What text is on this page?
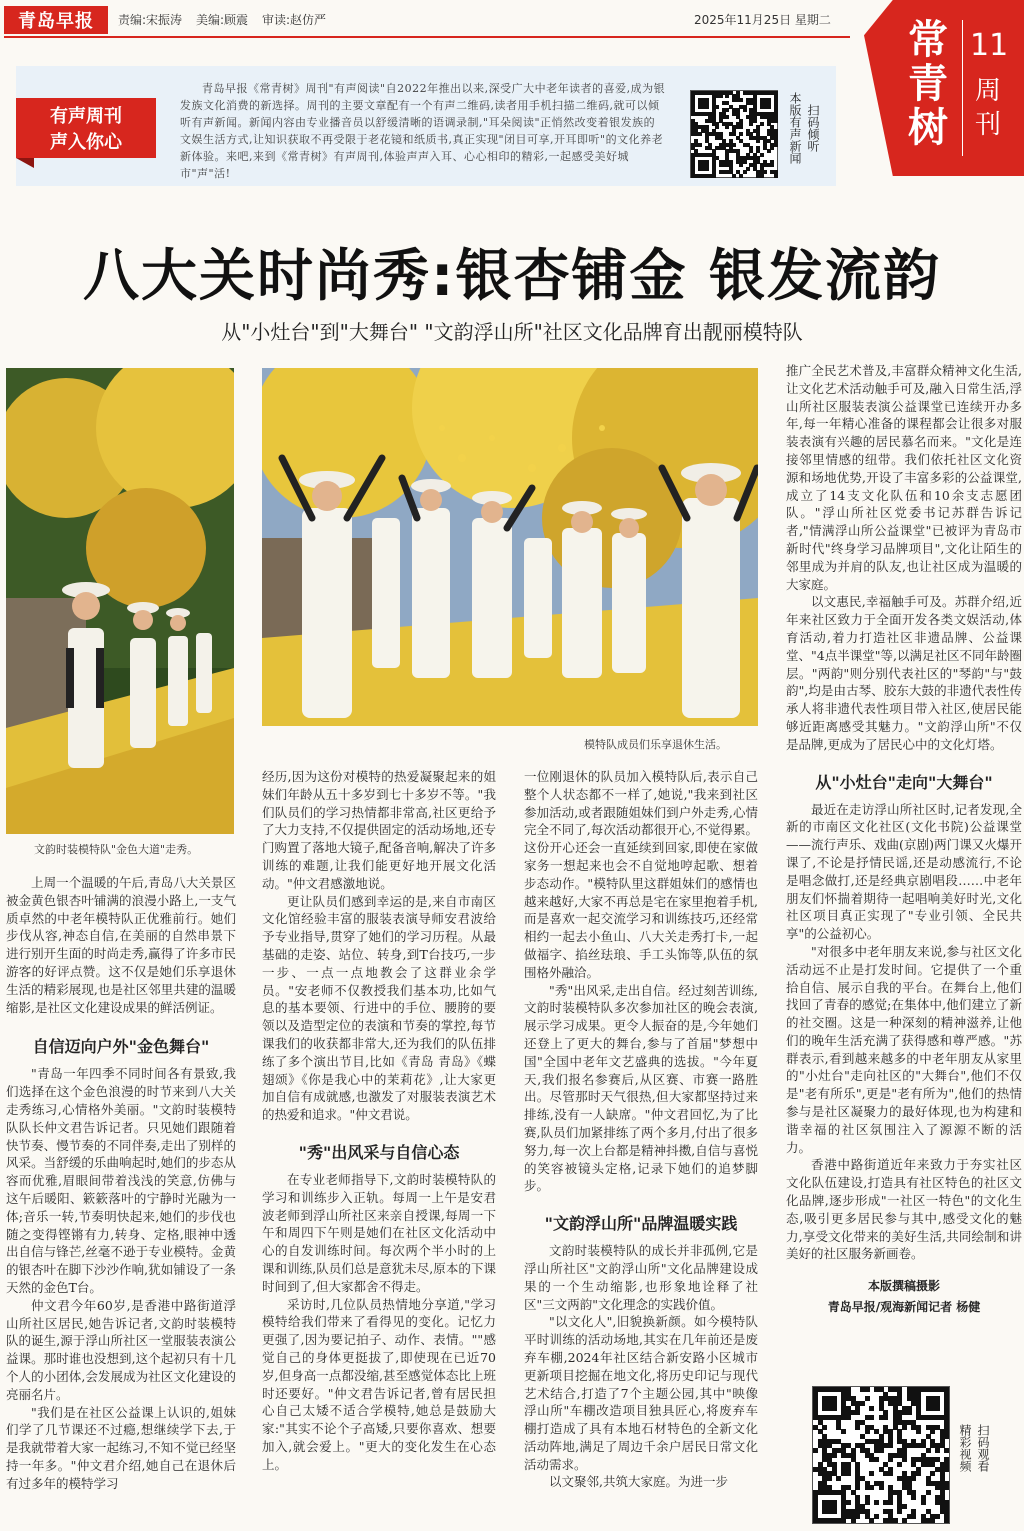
青岛早报	责编:宋振涛 美编:顾震 审读:赵仿严	2025年11月25日 星期二 常青树
11
周刊
有声周刊
声入你心
青岛早报《常青树》周刊"有声阅读"自2022年推出以来,深受广大中老年读者的喜爱,成为银发族文化消费的新选择。周刊的主要文章配有一个有声二维码,读者用手机扫描二维码,就可以倾听有声新闻。新闻内容由专业播音员以舒缓清晰的语调录制,"耳朵阅读"正悄然改变着银发族的文娱生活方式,让知识获取不再受限于老花镜和纸质书,真正实现"闭目可享,开耳即听"的文化养老新体验。来吧,来到《常青树》有声周刊,体验声声入耳、心心相印的精彩,一起感受美好城市"声"活!
本版有声新闻 扫码倾听
八大关时尚秀:银杏铺金 银发流韵
从"小灶台"到"大舞台" "文韵浮山所"社区文化品牌育出靓丽模特队
文韵时装模特队"金色大道"走秀。
模特队成员们乐享退休生活。

上周一个温暖的午后,青岛八大关景区被金黄色银杏叶铺满的浪漫小路上,一支气质卓然的中老年模特队正优雅前行。她们步伐从容,神态自信,在美丽的自然串景下进行别开生面的时尚走秀,赢得了许多市民游客的好评点赞。这不仅是她们乐享退休生活的精彩展现,也是社区邻里共建的温暖缩影,是社区文化建设成果的鲜活例证。

自信迈向户外"金色舞台"

"青岛一年四季不同时间各有景致,我们选择在这个金色浪漫的时节来到八大关走秀练习,心情格外美丽。"文韵时装模特队队长仲文君告诉记者。只见她们跟随着快节奏、慢节奏的不同伴奏,走出了别样的风采。当舒缓的乐曲响起时,她们的步态从容而优雅,眉眼间带着浅浅的笑意,仿佛与这午后暖阳、簌簌落叶的宁静时光融为一体;音乐一转,节奏明快起来,她们的步伐也随之变得铿锵有力,转身、定格,眼神中透出自信与锋芒,丝毫不逊于专业模特。金黄的银杏叶在脚下沙沙作响,犹如铺设了一条天然的金色T台。

仲文君今年60岁,是香港中路街道浮山所社区居民,她告诉记者,文韵时装模特队的诞生,源于浮山所社区一堂服装表演公益课。那时谁也没想到,这个起初只有十几个人的小团体,会发展成为社区文化建设的亮丽名片。

"我们是在社区公益课上认识的,姐妹们学了几节课还不过瘾,想继续学下去,于是我就带着大家一起练习,不知不觉已经坚持一年多。"仲文君介绍,她自己在退休后有过多年的模特学习

经历,因为这份对模特的热爱凝聚起来的姐妹们年龄从五十多岁到七十多岁不等。"我们队员们的学习热情都非常高,社区更给予了大力支持,不仅提供固定的活动场地,还专门购置了落地大镜子,配备音响,解决了许多训练的难题,让我们能更好地开展文化活动。"仲文君感激地说。

更让队员们感到幸运的是,来自市南区文化馆经验丰富的服装表演导师安君波给予专业指导,贯穿了她们的学习历程。从最基础的走姿、站位、转身,到T台技巧,一步一步、一点一点地教会了这群业余学员。"安老师不仅教授我们基本功,比如气息的基本要领、行进中的手位、腰胯的要领以及造型定位的表演和节奏的掌控,每节课我们的收获都非常大,还为我们的队伍排练了多个演出节目,比如《青岛 青岛》《蝶翅颂》《你是我心中的茉莉花》,让大家更加自信有成就感,也激发了对服装表演艺术的热爱和追求。"仲文君说。

"秀"出风采与自信心态

在专业老师指导下,文韵时装模特队的学习和训练步入正轨。每周一上午是安君波老师到浮山所社区来亲自授课,每周一下午和周四下午则是她们在社区文化活动中心的自发训练时间。每次两个半小时的上课和训练,队员们总是意犹未尽,原本的下课时间到了,但大家都舍不得走。

采访时,几位队员热情地分享道,"学习模特给我们带来了看得见的变化。记忆力更强了,因为要记拍子、动作、表情。""感觉自己的身体更挺拔了,即使现在已近70岁,但身高一点都没缩,甚至感觉体态比上班时还要好。"仲文君告诉记者,曾有居民担心自己太矮不适合学模特,她总是鼓励大家:"其实不论个子高矮,只要你喜欢、想要加入,就会爱上。"更大的变化发生在心态上。

一位刚退休的队员加入模特队后,表示自己整个人状态都不一样了,她说,"我来到社区参加活动,或者跟随姐妹们到户外走秀,心情完全不同了,每次活动都很开心,不觉得累。这份开心还会一直延续到回家,即使在家做家务一想起来也会不自觉地哼起歌、想着步态动作。"模特队里这群姐妹们的感情也越来越好,大家不再总是宅在家里抱着手机,而是喜欢一起交流学习和训练技巧,还经常相约一起去小鱼山、八大关走秀打卡,一起做福字、掐丝珐琅、手工头饰等,队伍的氛围格外融洽。

"秀"出风采,走出自信。经过刻苦训练,文韵时装模特队多次参加社区的晚会表演,展示学习成果。更令人振奋的是,今年她们还登上了更大的舞台,参与了首届"梦想中国"全国中老年文艺盛典的选拔。"今年夏天,我们报名参赛后,从区赛、市赛一路胜出。尽管那时天气很热,但大家都坚持过来排练,没有一人缺席。"仲文君回忆,为了比赛,队员们加紧排练了两个多月,付出了很多努力,每一次上台都是精神抖擞,自信与喜悦的笑容被镜头定格,记录下她们的追梦脚步。

"文韵浮山所"品牌温暖实践

文韵时装模特队的成长并非孤例,它是浮山所社区"文韵浮山所"文化品牌建设成果的一个生动缩影,也形象地诠释了社区"三文两韵"文化理念的实践价值。

"以文化人",旧貌换新颜。如今模特队平时训练的活动场地,其实在几年前还是废弃车棚,2024年社区结合新安路小区城市更新项目挖掘在地文化,将历史印记与现代艺术结合,打造了7个主题公园,其中"映像浮山所"车棚改造项目独具匠心,将废弃车棚打造成了具有本地石材特色的全新文化活动阵地,满足了周边千余户居民日常文化活动需求。

以文聚邻,共筑大家庭。为进一步

推广全民艺术普及,丰富群众精神文化生活,让文化艺术活动触手可及,融入日常生活,浮山所社区服装表演公益课堂已连续开办多年,每一年精心准备的课程都会让很多对服装表演有兴趣的居民慕名而来。"文化是连接邻里情感的纽带。我们依托社区文化资源和场地优势,开设了丰富多彩的公益课堂,成立了14支文化队伍和10余支志愿团队。"浮山所社区党委书记苏群告诉记者,"情满浮山所公益课堂"已被评为青岛市新时代"终身学习品牌项目",文化让陌生的邻里成为并肩的队友,也让社区成为温暖的大家庭。

以文惠民,幸福触手可及。苏群介绍,近年来社区致力于全面开发各类文娱活动,体育活动,着力打造社区非遗品牌、公益课堂、"4点半课堂"等,以满足社区不同年龄圈层。"两韵"则分别代表社区的"琴韵"与"鼓韵",均是由古琴、胶东大鼓的非遗代表性传承人将非遗代表性项目带入社区,使居民能够近距离感受其魅力。"文韵浮山所"不仅是品牌,更成为了居民心中的文化灯塔。

从"小灶台"走向"大舞台"

最近在走访浮山所社区时,记者发现,全新的市南区文化社区(文化书院)公益课堂——流行声乐、戏曲(京剧)两门课又火爆开课了,不论是抒情民谣,还是动感流行,不论是唱念做打,还是经典京剧唱段……中老年朋友们怀揣着期待一起唱响美好时光,文化社区项目真正实现了"专业引领、全民共享"的公益初心。

"对很多中老年朋友来说,参与社区文化活动远不止是打发时间。它提供了一个重拾自信、展示自我的平台。在舞台上,他们找回了青春的感觉;在集体中,他们建立了新的社交圈。这是一种深刻的精神滋养,让他们的晚年生活充满了获得感和尊严感。"苏群表示,看到越来越多的中老年朋友从家里的"小灶台"走向社区的"大舞台",他们不仅是"老有所乐",更是"老有所为",他们的热情参与是社区凝聚力的最好体现,也为构建和谐幸福的社区氛围注入了源源不断的活力。

香港中路街道近年来致力于夯实社区文化队伍建设,打造具有社区特色的社区文化品牌,逐步形成"一社区一特色"的文化生态,吸引更多居民参与其中,感受文化的魅力,享受文化带来的美好生活,共同绘制和讲美好的社区服务新画卷。

本版撰稿摄影
青岛早报/观海新闻记者 杨健
精彩视频 扫码观看
